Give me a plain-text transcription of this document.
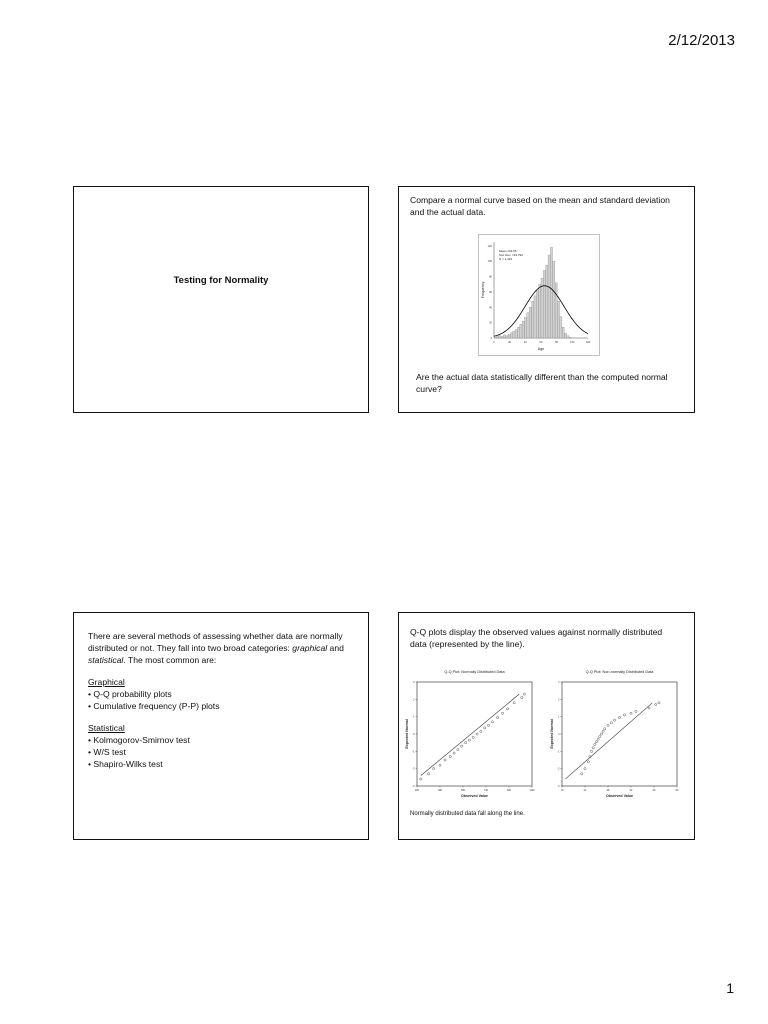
2/12/2013
Testing for Normality
Compare a normal curve based on the mean and standard deviation and the actual data.
0	20	40	60	80	100	120
0
20
40
60
80
100
120
Age
Frequency
Mean =64.55
Std. Dev. =24.792
N = 1,424
Are the actual data statistically different than the computed normal curve?
There are several methods of assessing whether data are normally distributed or not. They fall into two broad categories: graphical and statistical. The most common are:
Graphical
• Q-Q probability plots
• Cumulative frequency (P-P) plots
Statistical
• Kolmogorov-Smirnov test
• W/S test
• Shapiro-Wilks test
Q-Q plots display the observed values against normally distributed data (represented by the line).
Q-Q Plot: Normally Distributed Data
200	380	560	740	920	1100
-3
-2
-1
0
1
2
3
Observed Value
Expected Normal
Q-Q Plot: Non-normally Distributed Data
10	24	38	52	66	80
-3
-2
-1
0
1
2
3
Observed Value
Expected Normal
Normally distributed data fall along the line.
1
